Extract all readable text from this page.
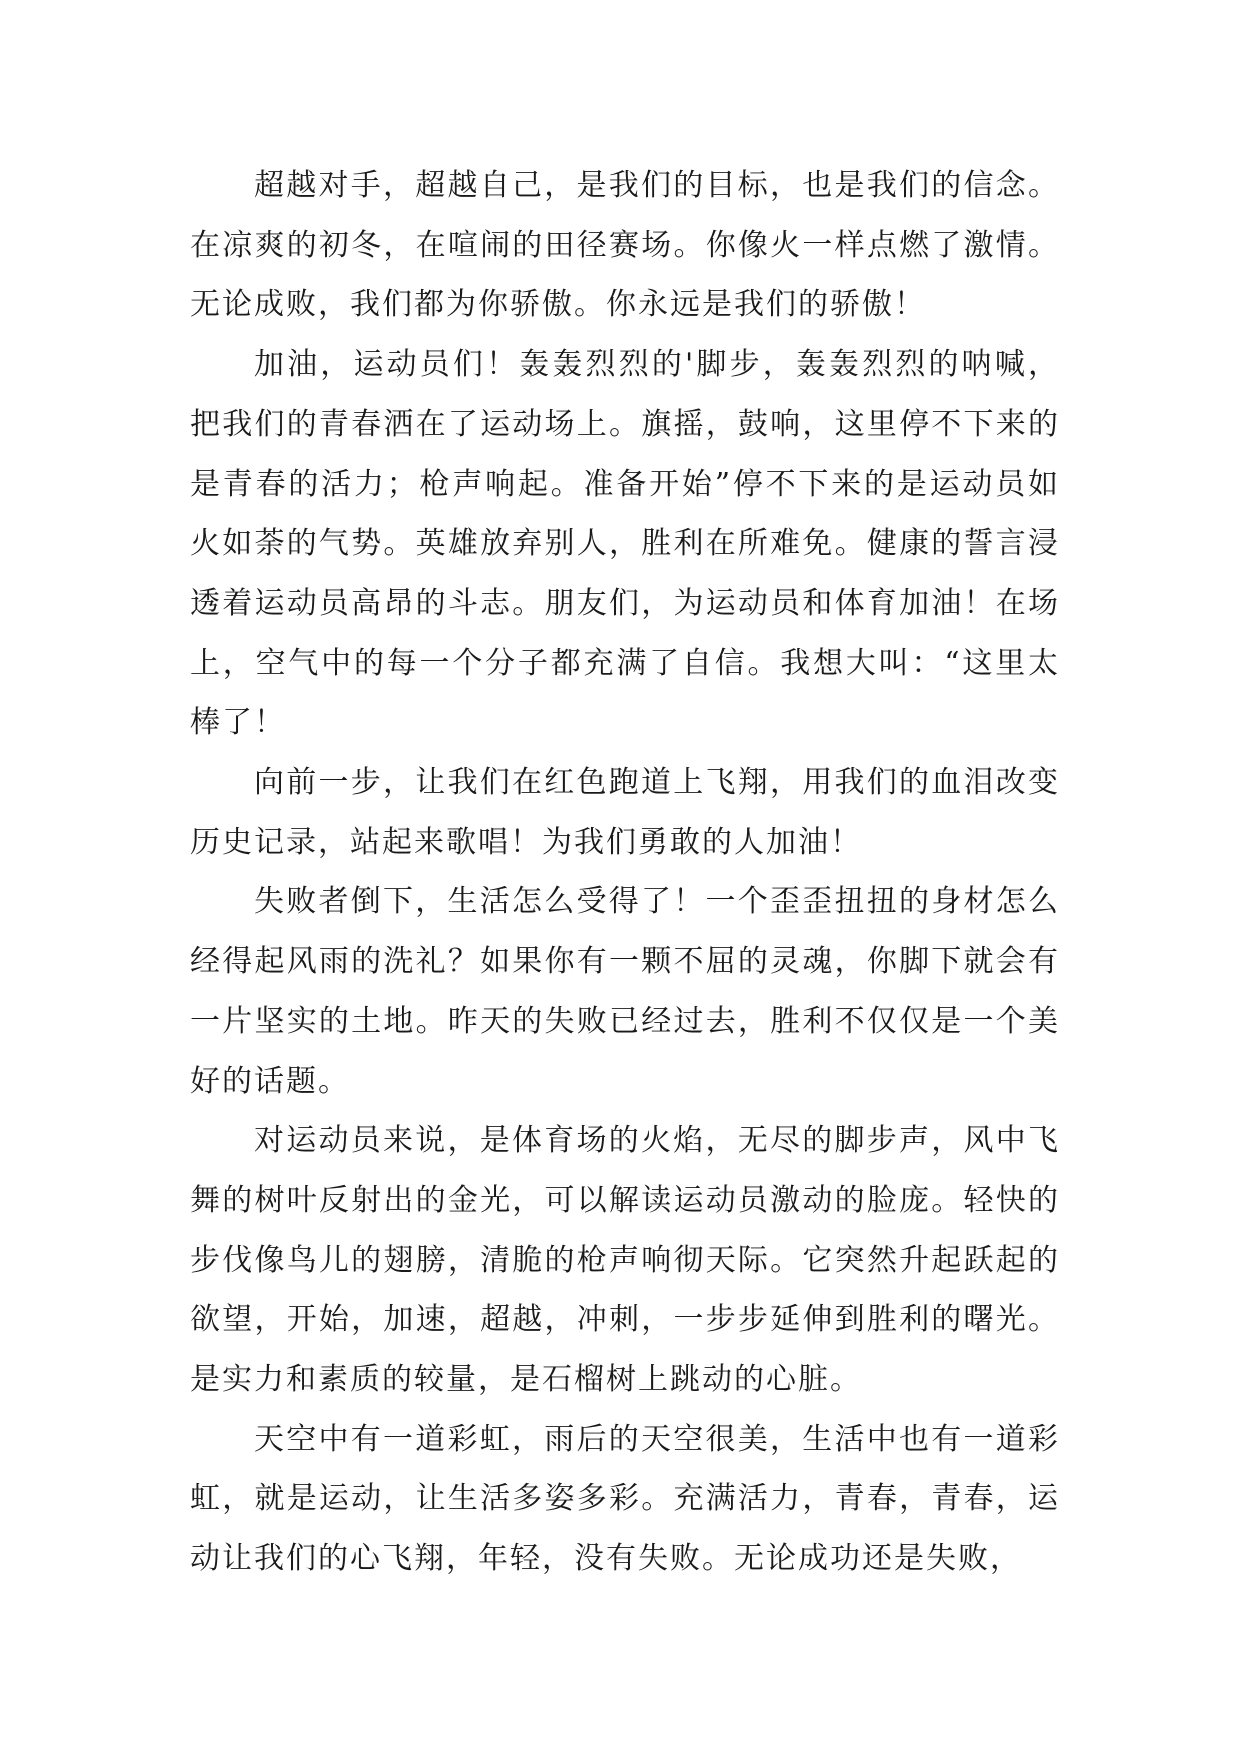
超越对手，超越自己，是我们的目标，也是我们的信念。在凉爽的初冬，在喧闹的田径赛场。你像火一样点燃了激情。无论成败，我们都为你骄傲。你永远是我们的骄傲！

加油，运动员们！轰轰烈烈的'脚步，轰轰烈烈的呐喊，把我们的青春洒在了运动场上。旗摇，鼓响，这里停不下来的是青春的活力；枪声响起。准备开始”停不下来的是运动员如火如荼的气势。英雄放弃别人，胜利在所难免。健康的誓言浸透着运动员高昂的斗志。朋友们，为运动员和体育加油！在场上，空气中的每一个分子都充满了自信。我想大叫：“这里太棒了！

向前一步，让我们在红色跑道上飞翔，用我们的血泪改变历史记录，站起来歌唱！为我们勇敢的人加油！

失败者倒下，生活怎么受得了！一个歪歪扭扭的身材怎么经得起风雨的洗礼？如果你有一颗不屈的灵魂，你脚下就会有一片坚实的土地。昨天的失败已经过去，胜利不仅仅是一个美好的话题。

对运动员来说，是体育场的火焰，无尽的脚步声，风中飞舞的树叶反射出的金光，可以解读运动员激动的脸庞。轻快的步伐像鸟儿的翅膀，清脆的枪声响彻天际。它突然升起跃起的欲望，开始，加速，超越，冲刺，一步步延伸到胜利的曙光。是实力和素质的较量，是石榴树上跳动的心脏。

天空中有一道彩虹，雨后的天空很美，生活中也有一道彩虹，就是运动，让生活多姿多彩。充满活力，青春，青春，运动让我们的心飞翔，年轻，没有失败。无论成功还是失败，
